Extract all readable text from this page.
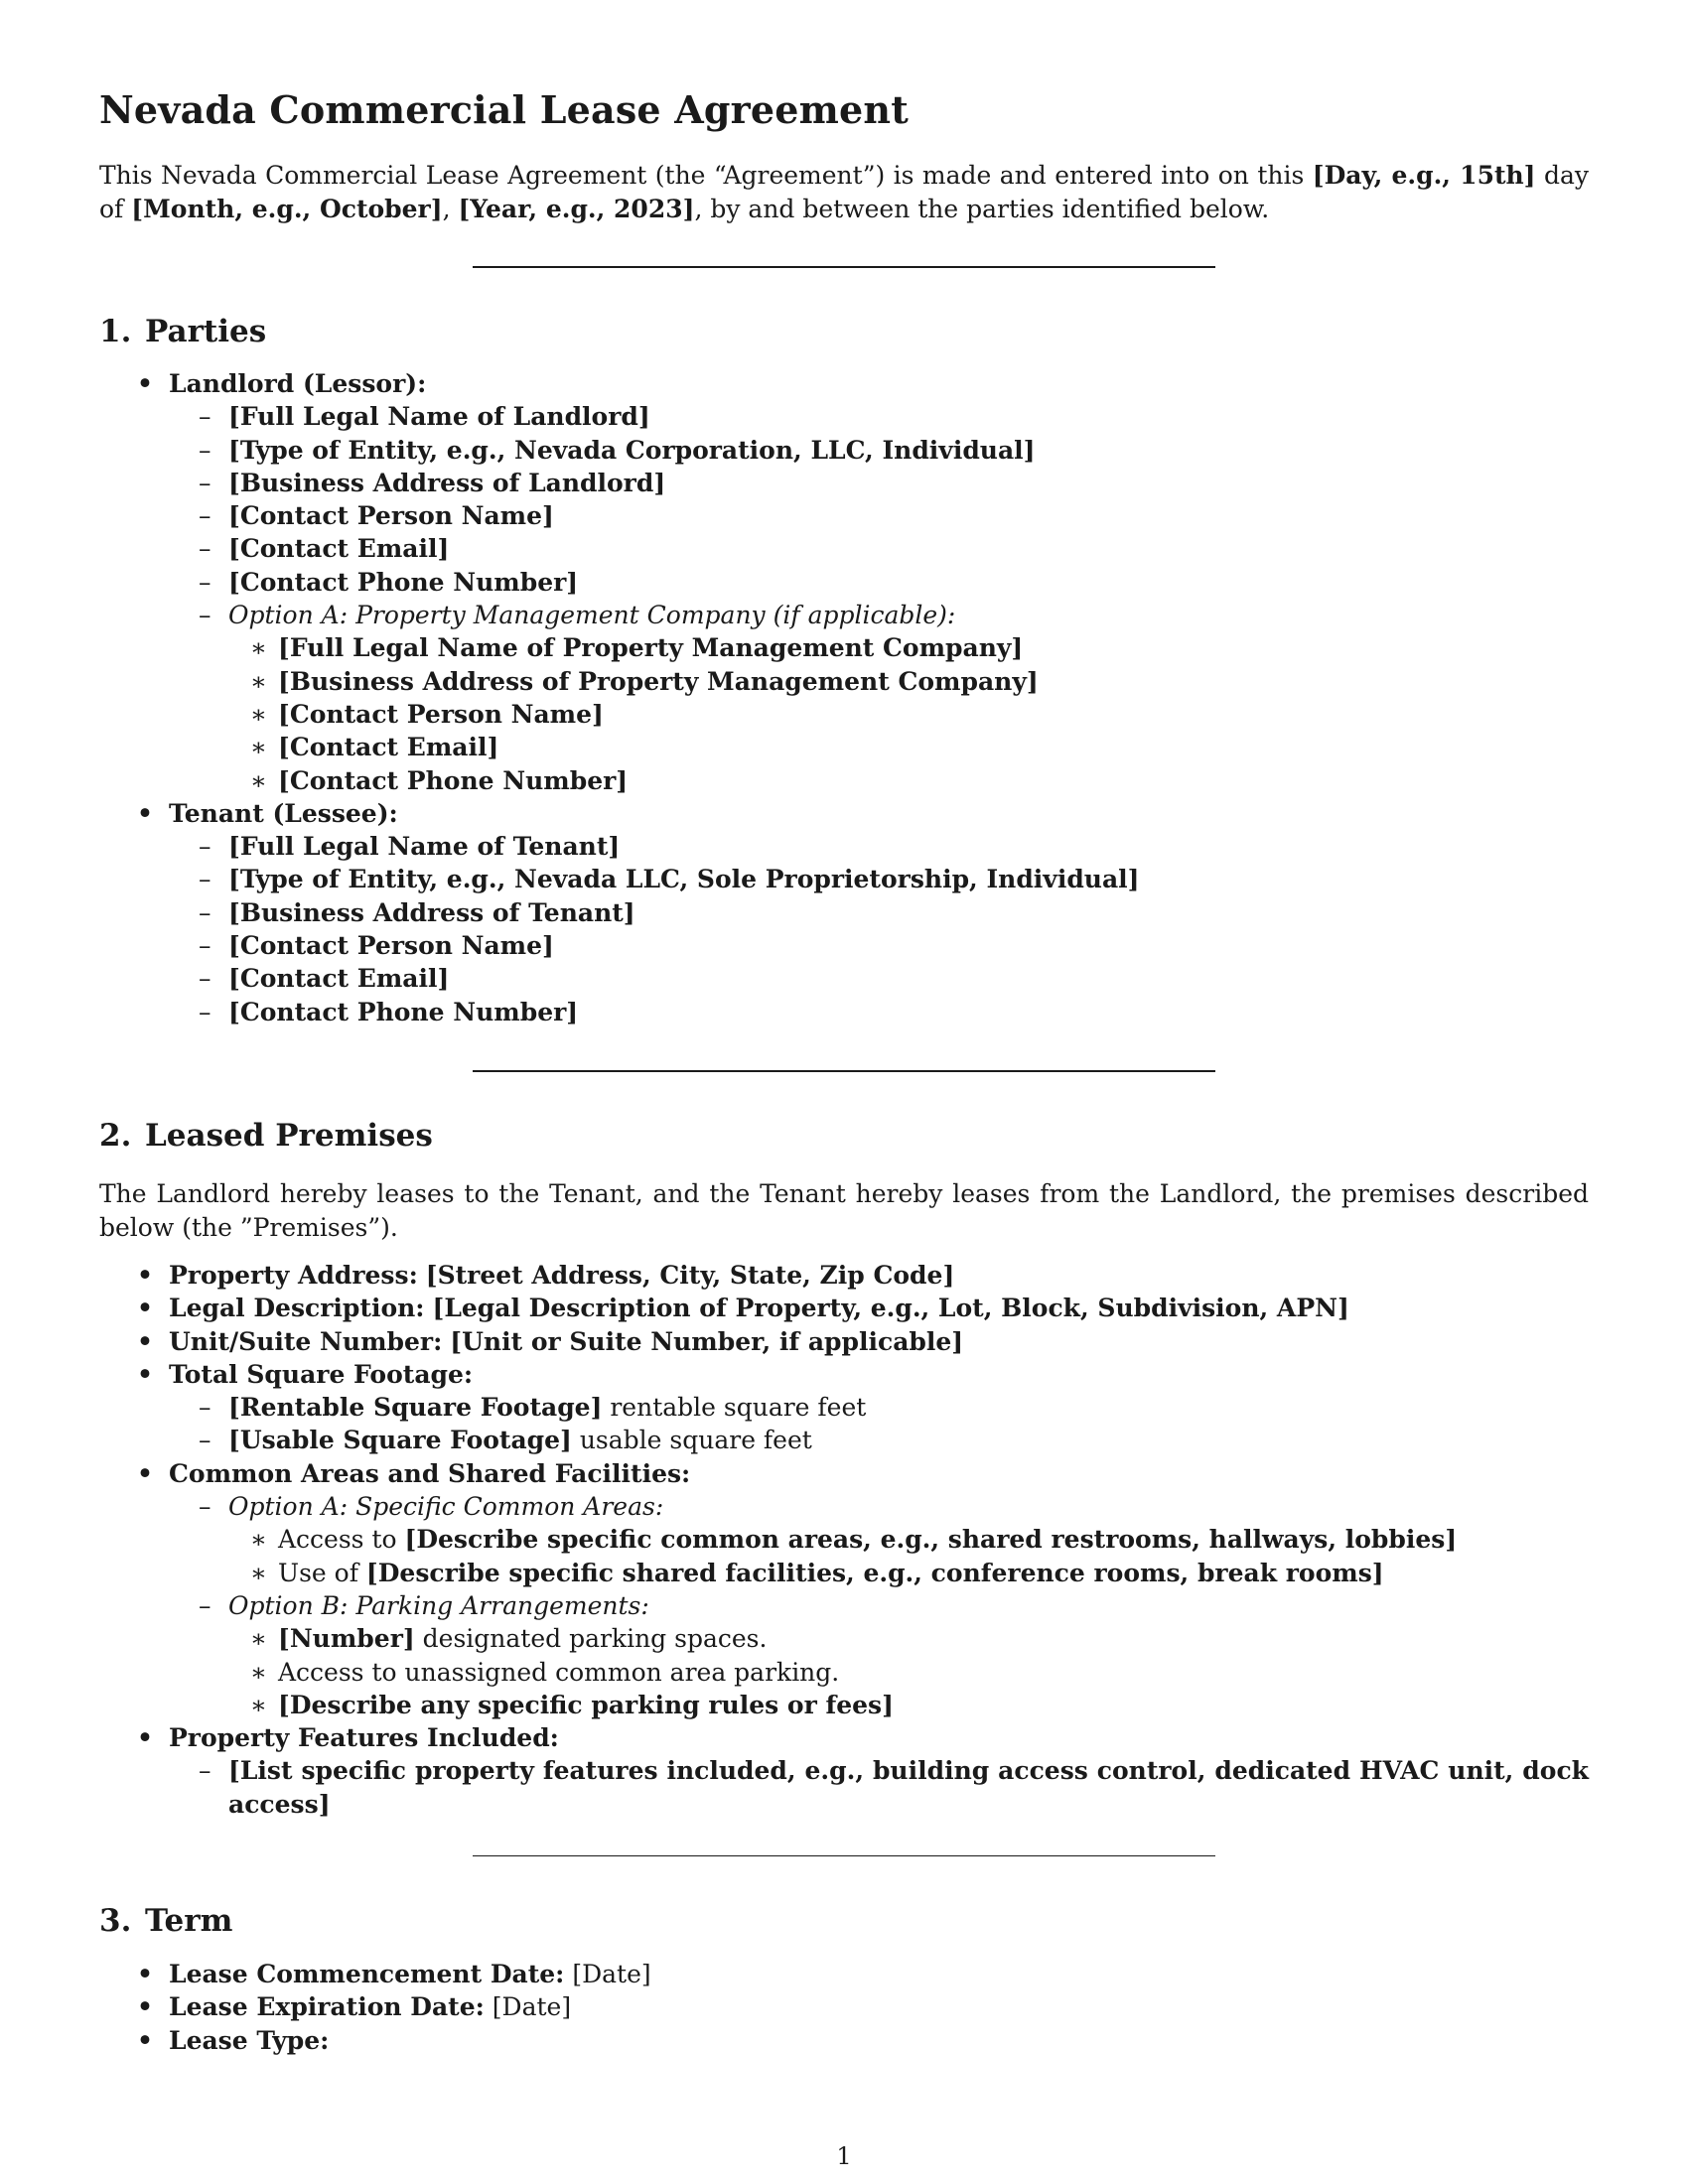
Nevada Commercial Lease Agreement

This Nevada Commercial Lease Agreement (the “Agreement”) is made and entered into on this [Day, e.g., 15th] day of [Month, e.g., October], [Year, e.g., 2023], by and between the parties identified below.

1. Parties
• Landlord (Lessor):
– [Full Legal Name of Landlord]
– [Type of Entity, e.g., Nevada Corporation, LLC, Individual]
– [Business Address of Landlord]
– [Contact Person Name]
– [Contact Email]
– [Contact Phone Number]
– Option A: Property Management Company (if applicable):
∗ [Full Legal Name of Property Management Company]
∗ [Business Address of Property Management Company]
∗ [Contact Person Name]
∗ [Contact Email]
∗ [Contact Phone Number]
• Tenant (Lessee):
– [Full Legal Name of Tenant]
– [Type of Entity, e.g., Nevada LLC, Sole Proprietorship, Individual]
– [Business Address of Tenant]
– [Contact Person Name]
– [Contact Email]
– [Contact Phone Number]
2. Leased Premises

The Landlord hereby leases to the Tenant, and the Tenant hereby leases from the Landlord, the premises described below (the ”Premises”).

• Property Address: [Street Address, City, State, Zip Code]
• Legal Description: [Legal Description of Property, e.g., Lot, Block, Subdivision, APN]
• Unit/Suite Number: [Unit or Suite Number, if applicable]
• Total Square Footage:
– [Rentable Square Footage] rentable square feet
– [Usable Square Footage] usable square feet
• Common Areas and Shared Facilities:
– Option A: Specific Common Areas:
∗ Access to [Describe specific common areas, e.g., shared restrooms, hallways, lobbies]
∗ Use of [Describe specific shared facilities, e.g., conference rooms, break rooms]
– Option B: Parking Arrangements:
∗ [Number] designated parking spaces.
∗ Access to unassigned common area parking.
∗ [Describe any specific parking rules or fees]
• Property Features Included:
– [List specific property features included, e.g., building access control, dedicated HVAC unit, dock access]
3. Term
• Lease Commencement Date: [Date]
• Lease Expiration Date: [Date]
• Lease Type:
1
